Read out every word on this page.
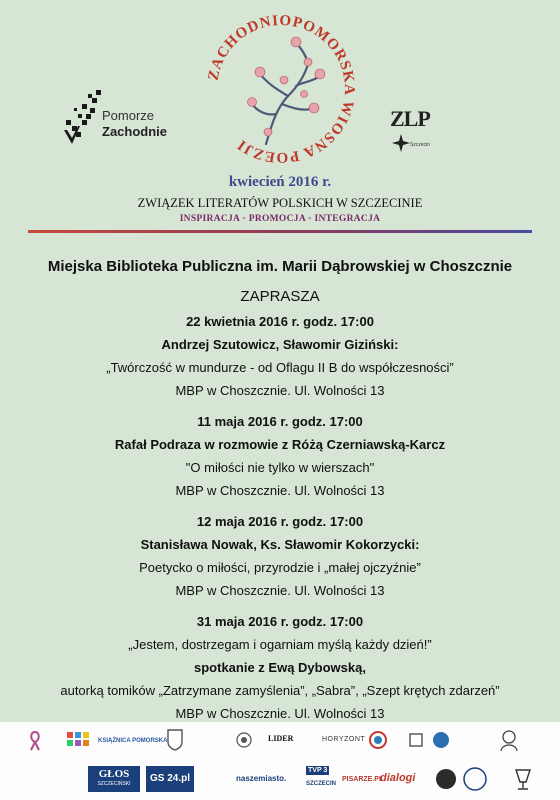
Pomorze
Zachodnie
ZACHODNIOPOMORSKA WIOSNA POEZJI
ZLP
Szczecin
kwiecień 2016 r.
ZWIĄZEK LITERATÓW POLSKICH W SZCZECINIE
INSPIRACJA ◦ PROMOCJA ◦ INTEGRACJA
Miejska Biblioteka Publiczna im. Marii Dąbrowskiej w Choszcznie
ZAPRASZA
22 kwietnia 2016 r. godz. 17:00
Andrzej Szutowicz, Sławomir Giziński:
„Twórczość w mundurze - od Oflagu II B do współczesności”
MBP w Choszcznie. Ul. Wolności 13
11 maja 2016 r. godz. 17:00
Rafał Podraza w rozmowie z Różą Czerniawską-Karcz
"O miłości nie tylko w wierszach"
MBP w Choszcznie. Ul. Wolności 13
12 maja 2016 r. godz. 17:00
Stanisława Nowak, Ks. Sławomir Kokorzycki:
Poetycko o miłości, przyrodzie i „małej ojczyźnie”
MBP w Choszcznie. Ul. Wolności 13
31 maja 2016 r. godz. 17:00
„Jestem, dostrzegam i ogarniam myślą każdy dzień!”
spotkanie z Ewą Dybowską,
autorką tomików „Zatrzymane zamyślenia”, „Sabra”, „Szept krętych zdarzeń”
MBP w Choszcznie. Ul. Wolności 13
KSIĄŻNICA POMORSKA	LIDER	HORYZONT
GŁOS
SZCZECIŃSKI	GS 24.pl	naszemiasto.
TVP 3
SZCZECIN
PISARZE.PL
dialogi
